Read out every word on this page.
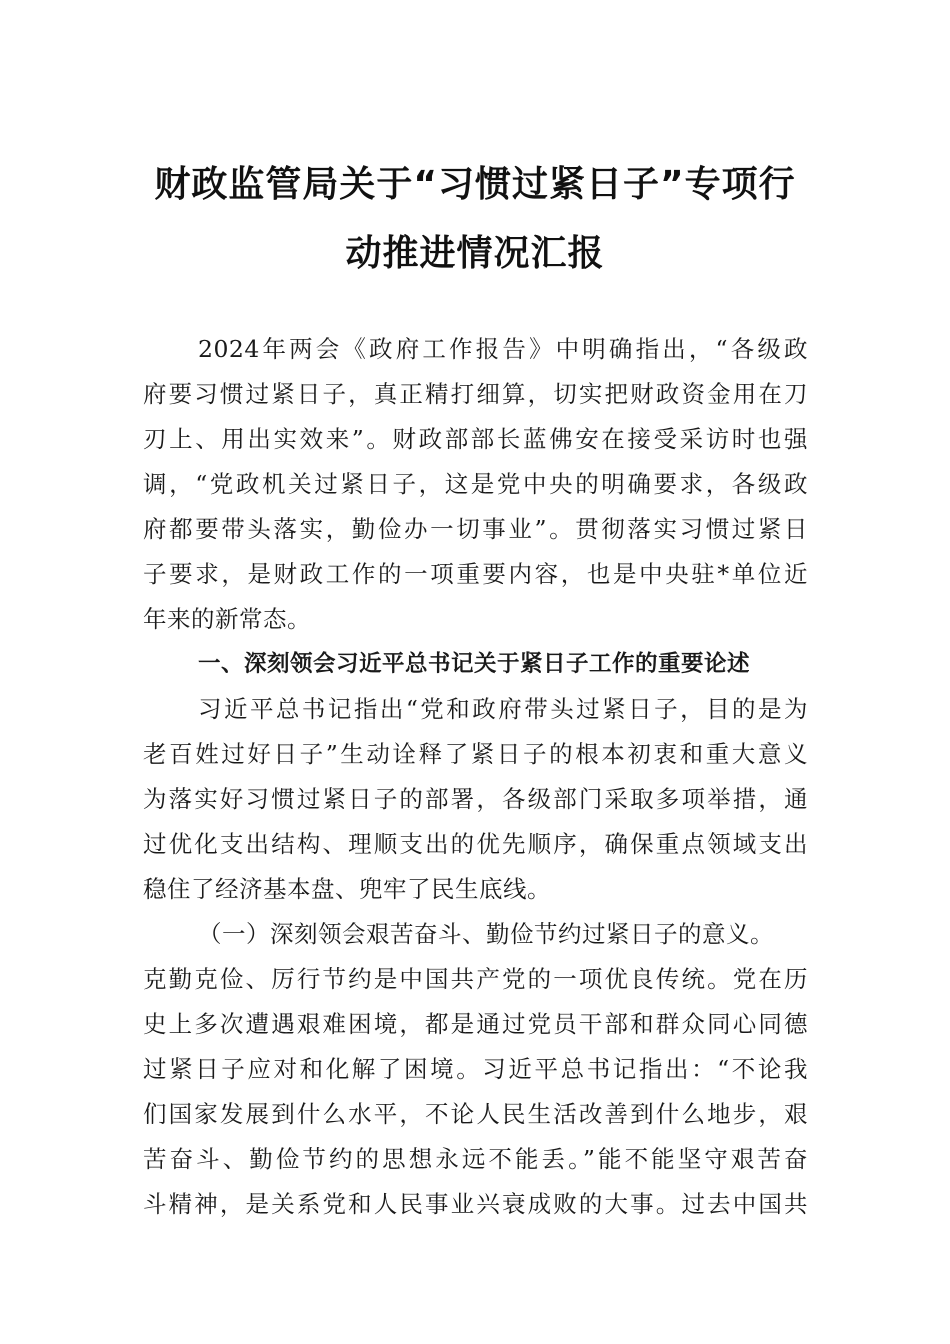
财政监管局关于“习惯过紧日子”专项行
动推进情况汇报
2024年两会《政府工作报告》中明确指出，“各级政
府要习惯过紧日子，真正精打细算，切实把财政资金用在刀
刃上、用出实效来”。财政部部长蓝佛安在接受采访时也强
调，“党政机关过紧日子，这是党中央的明确要求，各级政
府都要带头落实，勤俭办一切事业”。贯彻落实习惯过紧日
子要求，是财政工作的一项重要内容，也是中央驻*单位近
年来的新常态。
一、深刻领会习近平总书记关于紧日子工作的重要论述
习近平总书记指出“党和政府带头过紧日子，目的是为
老百姓过好日子”生动诠释了紧日子的根本初衷和重大意义
为落实好习惯过紧日子的部署，各级部门采取多项举措，通
过优化支出结构、理顺支出的优先顺序，确保重点领域支出
稳住了经济基本盘、兜牢了民生底线。
（一）深刻领会艰苦奋斗、勤俭节约过紧日子的意义。
克勤克俭、厉行节约是中国共产党的一项优良传统。党在历
史上多次遭遇艰难困境，都是通过党员干部和群众同心同德
过紧日子应对和化解了困境。习近平总书记指出：“不论我
们国家发展到什么水平，不论人民生活改善到什么地步，艰
苦奋斗、勤俭节约的思想永远不能丢。”能不能坚守艰苦奋
斗精神，是关系党和人民事业兴衰成败的大事。过去中国共
